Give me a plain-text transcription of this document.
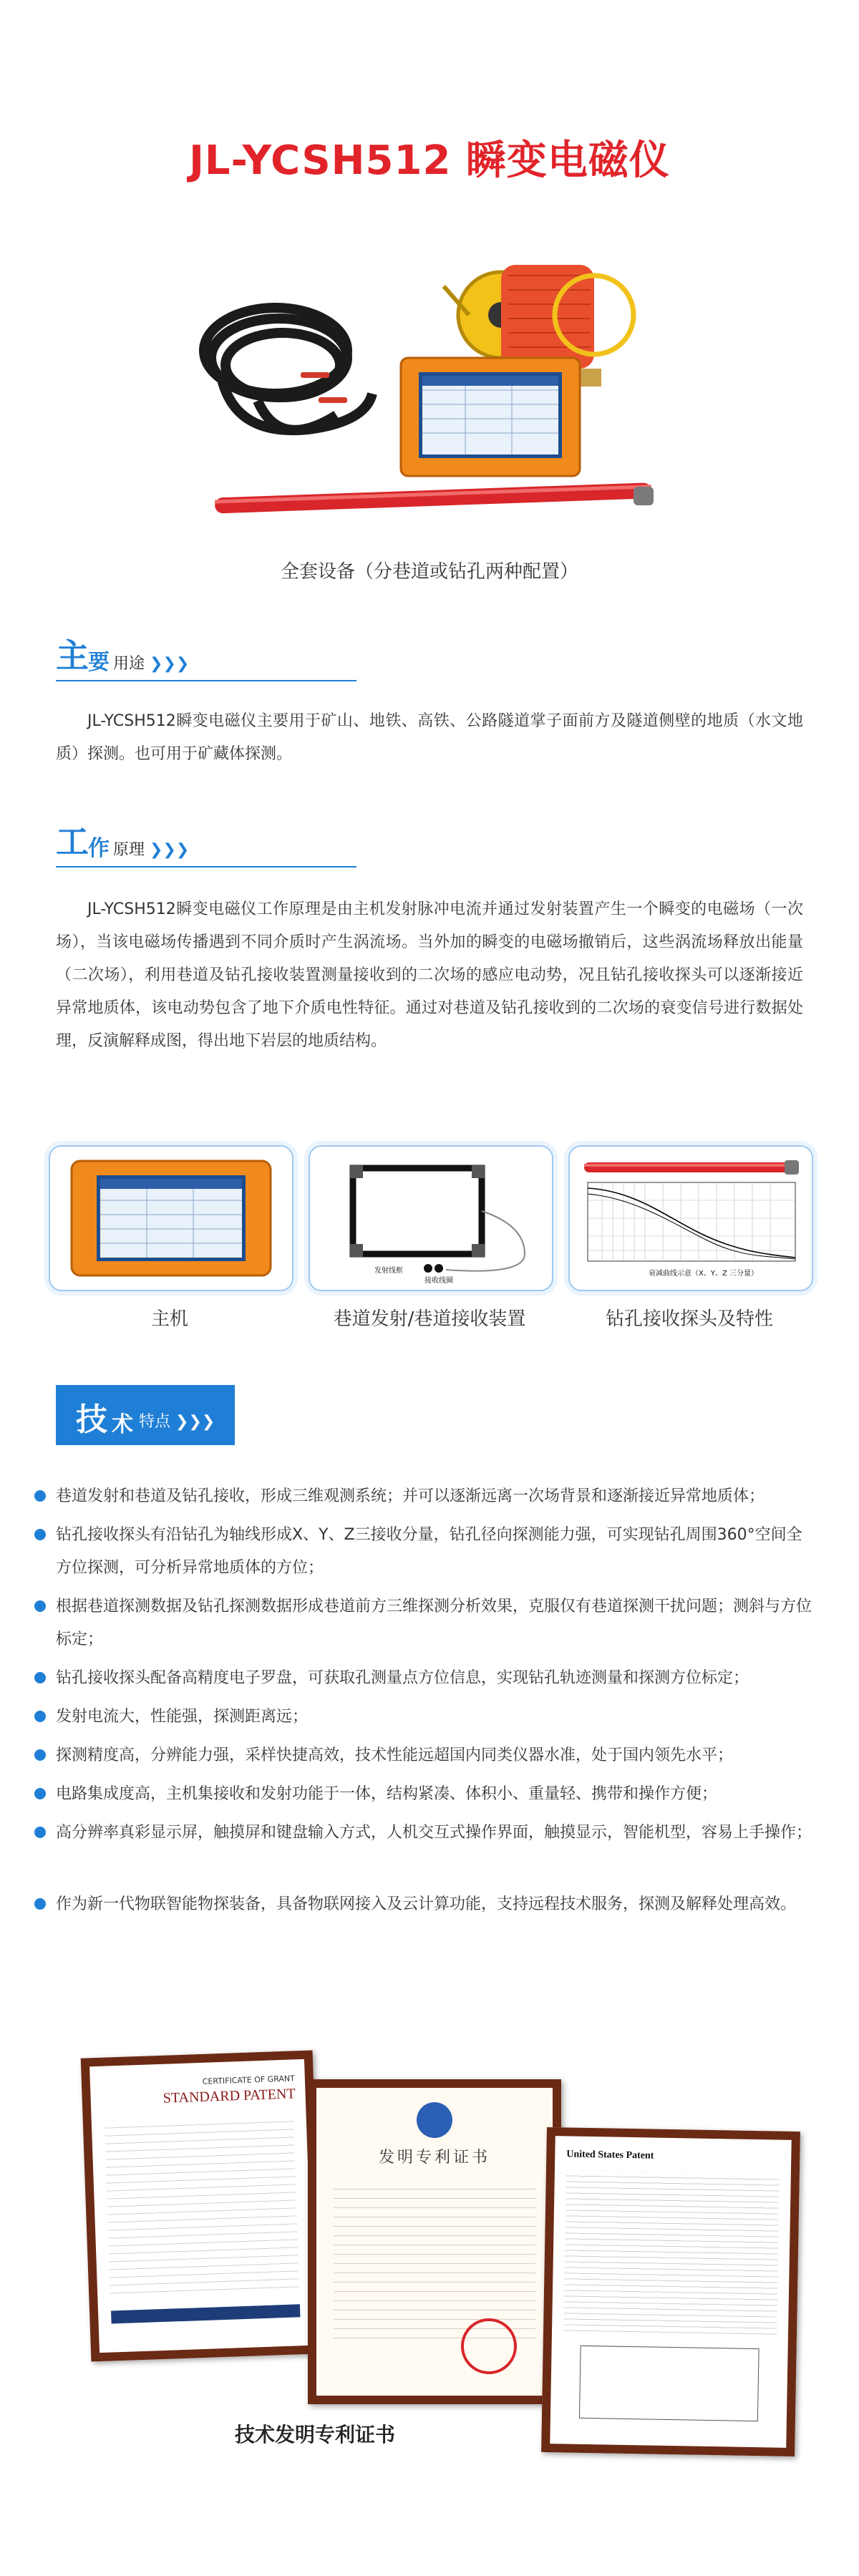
JL-YCSH512 瞬变电磁仪
全套设备（分巷道或钻孔两种配置）
主 要 用途 ❯❯❯
JL-YCSH512瞬变电磁仪主要用于矿山、地铁、高铁、公路隧道掌子面前方及隧道侧壁的地质（水文地质）探测。也可用于矿藏体探测。
工 作 原理 ❯❯❯
JL-YCSH512瞬变电磁仪工作原理是由主机发射脉冲电流并通过发射装置产生一个瞬变的电磁场（一次场），当该电磁场传播遇到不同介质时产生涡流场。当外加的瞬变的电磁场撤销后，这些涡流场释放出能量（二次场），利用巷道及钻孔接收装置测量接收到的二次场的感应电动势，况且钻孔接收探头可以逐渐接近异常地质体，该电动势包含了地下介质电性特征。通过对巷道及钻孔接收到的二次场的衰变信号进行数据处理，反演解释成图，得出地下岩层的地质结构。
发射线框
接收线圈
衰减曲线示意（X、Y、Z 三分量）
主机	巷道发射/巷道接收装置	钻孔接收探头及特性
技 术 特点 ❯❯❯
巷道发射和巷道及钻孔接收，形成三维观测系统；并可以逐渐远离一次场背景和逐渐接近异常地质体；
钻孔接收探头有沿钻孔为轴线形成X、Y、Z三接收分量，钻孔径向探测能力强，可实现钻孔周围360°空间全方位探测，可分析异常地质体的方位；
根据巷道探测数据及钻孔探测数据形成巷道前方三维探测分析效果，克服仅有巷道探测干扰问题；测斜与方位标定；
钻孔接收探头配备高精度电子罗盘，可获取孔测量点方位信息，实现钻孔轨迹测量和探测方位标定；
发射电流大，性能强，探测距离远；
探测精度高，分辨能力强，采样快捷高效，技术性能远超国内同类仪器水准，处于国内领先水平；
电路集成度高，主机集接收和发射功能于一体，结构紧凑、体积小、重量轻、携带和操作方便；
高分辨率真彩显示屏，触摸屏和键盘输入方式，人机交互式操作界面，触摸显示，智能机型，容易上手操作；
作为新一代物联智能物探装备，具备物联网接入及云计算功能，支持远程技术服务，探测及解释处理高效。
CERTIFICATE OF GRANT
STANDARD PATENT
发明专利证书	United States Patent
技术发明专利证书
